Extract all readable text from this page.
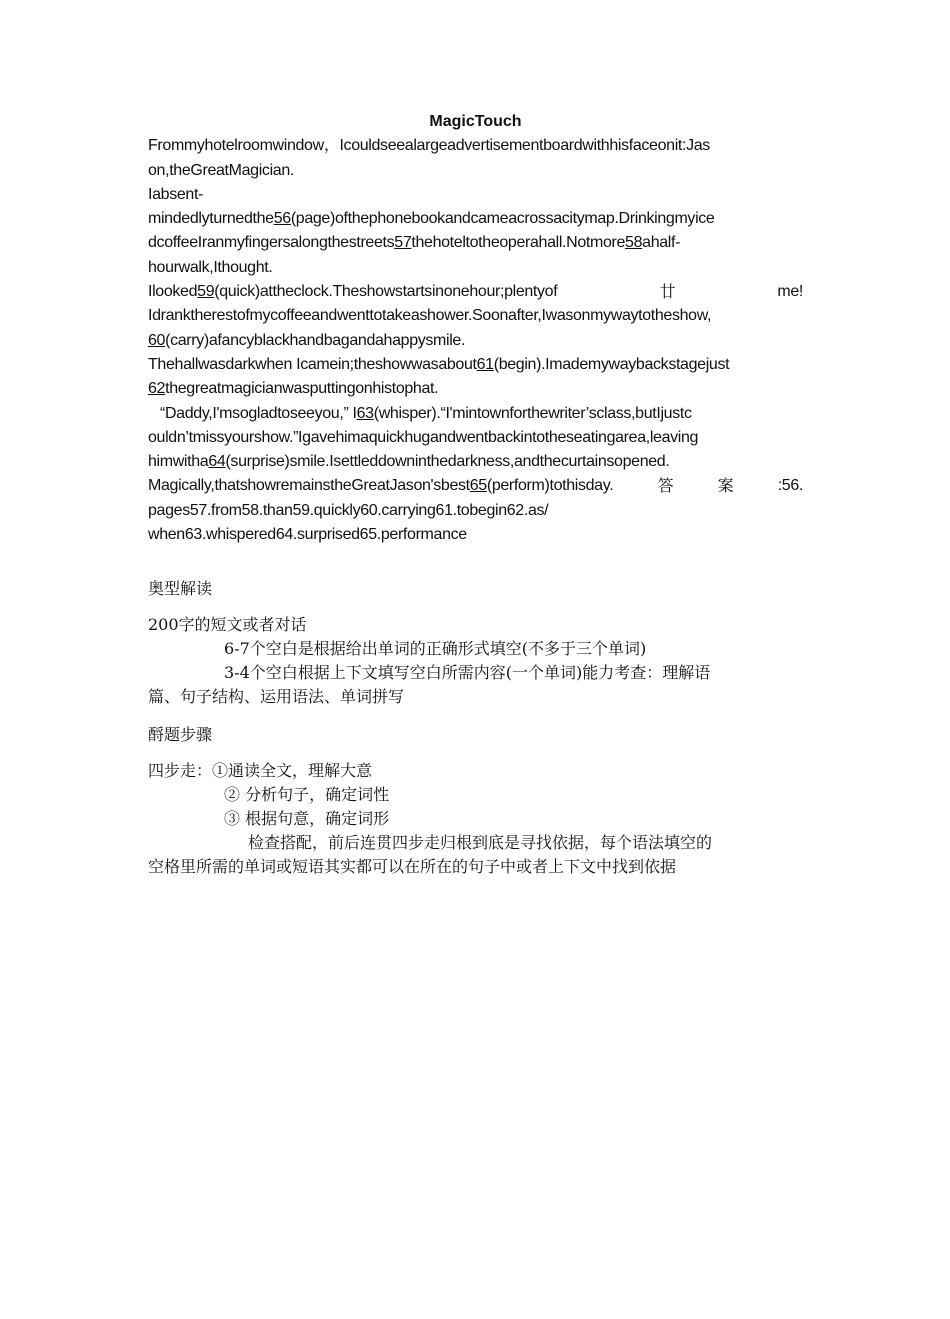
MagicTouch

Frommyhotelroomwindow，Icouldseealargeadvertisementboardwithhisfaceonit:Jas

on,theGreatMagician.

Iabsent-

mindedlyturnedthe56(page)ofthephonebookandcameacrossacitymap.Drinkingmyice

dcoffeeIranmyfingersalongthestreets57thehoteltotheoperahall.Notmore58ahalf-

hourwalk,Ithought.

Ilooked59(quick)attheclock.Theshowstartsinonehour;plentyof	廿	me!

Idranktherestofmycoffeeandwenttotakeashower.Soonafter,Iwasonmywaytotheshow,

60(carry)afancyblackhandbagandahappysmile.

Thehallwasdarkwhen Icamein;theshowwasabout61(begin).Imademywaybackstagejust

62thegreatmagicianwasputtingonhistophat.

“Daddy,I'msogladtoseeyou,” I63(whisper).“I'mintownforthewriter’sclass,butIjustc

ouldn’tmissyourshow.”Igavehimaquickhugandwentbackintotheseatingarea,leaving

himwitha64(surprise)smile.Isettleddowninthedarkness,andthecurtainsopened.

Magically,thatshowremainstheGreatJason'sbest65(perform)tothisday.	答	案	:56.

pages57.from58.than59.quickly60.carrying61.tobegin62.as/

when63.whispered64.surprised65.performance

奥型解读

200字的短文或者对话

6-7个空白是根据给出单词的正确形式填空(不多于三个单词)

3-4个空白根据上下文填写空白所需内容(一个单词)能力考查：理解语

篇、句子结构、运用语法、单词拼写

酹题步骤

四步走：①通读全文，理解大意

② 分析句子，确定词性

③ 根据句意，确定词形

检查搭配，前后连贯四步走归根到底是寻找依据，每个语法填空的

空格里所需的单词或短语其实都可以在所在的句子中或者上下文中找到依据
